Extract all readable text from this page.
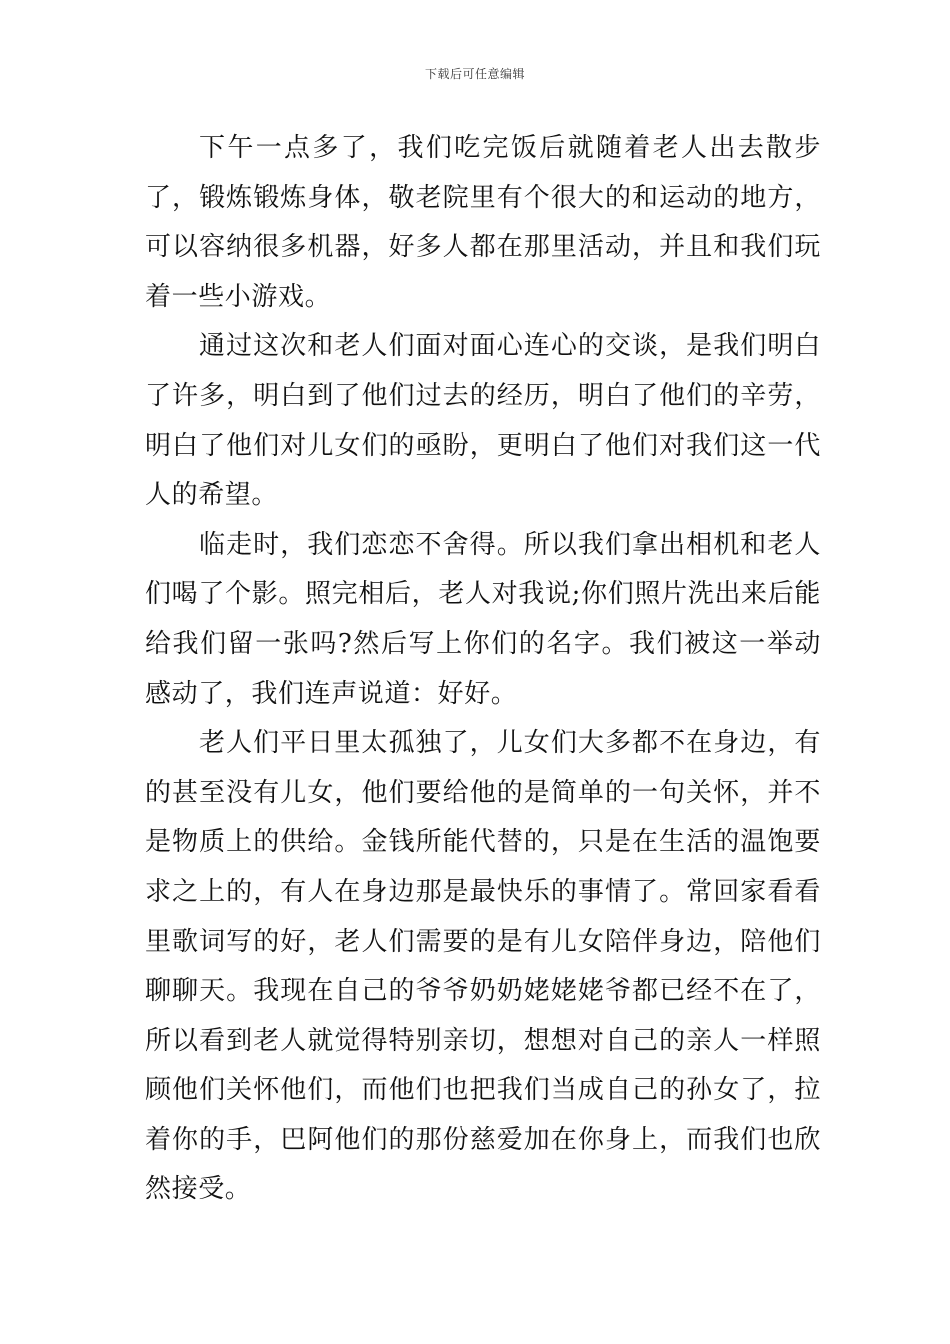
下载后可任意编辑

下午一点多了，我们吃完饭后就随着老人出去散步了，锻炼锻炼身体，敬老院里有个很大的和运动的地方，可以容纳很多机器，好多人都在那里活动，并且和我们玩着一些小游戏。

通过这次和老人们面对面心连心的交谈，是我们明白了许多，明白到了他们过去的经历，明白了他们的辛劳，明白了他们对儿女们的亟盼，更明白了他们对我们这一代人的希望。

临走时，我们恋恋不舍得。所以我们拿出相机和老人们喝了个影。照完相后，老人对我说;你们照片洗出来后能给我们留一张吗?然后写上你们的名字。我们被这一举动感动了，我们连声说道：好好。

老人们平日里太孤独了，儿女们大多都不在身边，有的甚至没有儿女，他们要给他的是简单的一句关怀，并不是物质上的供给。金钱所能代替的，只是在生活的温饱要求之上的，有人在身边那是最快乐的事情了。常回家看看里歌词写的好，老人们需要的是有儿女陪伴身边，陪他们聊聊天。我现在自己的爷爷奶奶姥姥姥爷都已经不在了，所以看到老人就觉得特别亲切，想想对自己的亲人一样照顾他们关怀他们，而他们也把我们当成自己的孙女了，拉着你的手，巴阿他们的那份慈爱加在你身上，而我们也欣然接受。
